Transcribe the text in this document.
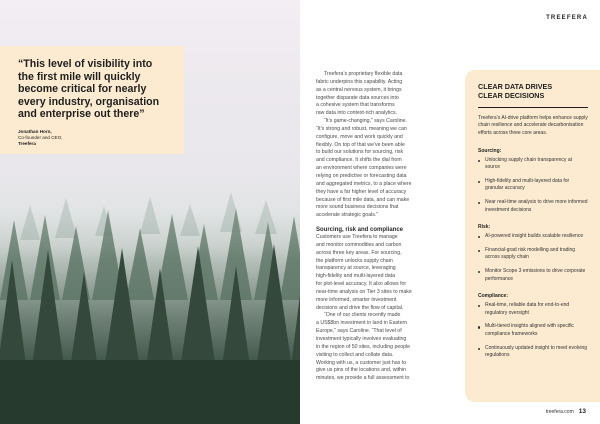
“This level of visibility into
the first mile will quickly
become critical for nearly
every industry, organisation
and enterprise out there”

Jonathan Horn,
Co-founder and CEO,
Treefera
TREEFERA

Treefera’s proprietary flexible data
fabric underpins this capability. Acting
as a central nervous system, it brings
together disparate data sources into
a cohesive system that transforms
raw data into context-rich analytics.

“It’s game-changing,” says Caroline.
“It’s strong and robust, meaning we can
configure, move and work quickly and
flexibly. On top of that we’ve been able
to build our solutions for sourcing, risk
and compliance. It shifts the dial from
an environment where companies were
relying on predictive or forecasting data
and aggregated metrics, to a place where
they have a far higher level of accuracy
because of first mile data, and can make
more sound business decisions that
accelerate strategic goals.”

Sourcing, risk and compliance

Customers use Treefera to manage
and monitor commodities and carbon
across three key areas. For sourcing,
the platform unlocks supply chain
transparency at source, leveraging
high-fidelity and multi-layered data
for plot-level accuracy. It also allows for
near-time analysis on Tier 3 sites to make
more informed, smarter investment
decisions and drive the flow of capital.

“One of our clients recently made
a US$8bn investment in land in Eastern
Europe,” says Caroline. “That level of
investment typically involves evaluating
in the region of 50 sites, including people
visiting to collect and collate data.
Working with us, a customer just has to
give us pins of the locations and, within
minutes, we provide a full assessment to

CLEAR DATA DRIVES
CLEAR DECISIONS

Treefera’s AI-drive platform helps enhance supply chain resilience and accelerate decarbonisation efforts across three core areas.

Sourcing:

Unlocking supply chain transparency at source
High-fidelity and multi-layered data for granular accuracy
Near real-time analysis to drive more informed investment decisions

Risk:

AI-powered insight builds scalable resilience
Financial-grad risk modelling and trading across supply chain
Monitor Scope 3 emissions to drive corporate performance

Compliance:

Real-time, reliable data for end-to-end regulatory oversight
Multi-tiered insights aligned with specific compliance frameworks
Continuously updated insight to meet evolving regulations
treefera.com 13
